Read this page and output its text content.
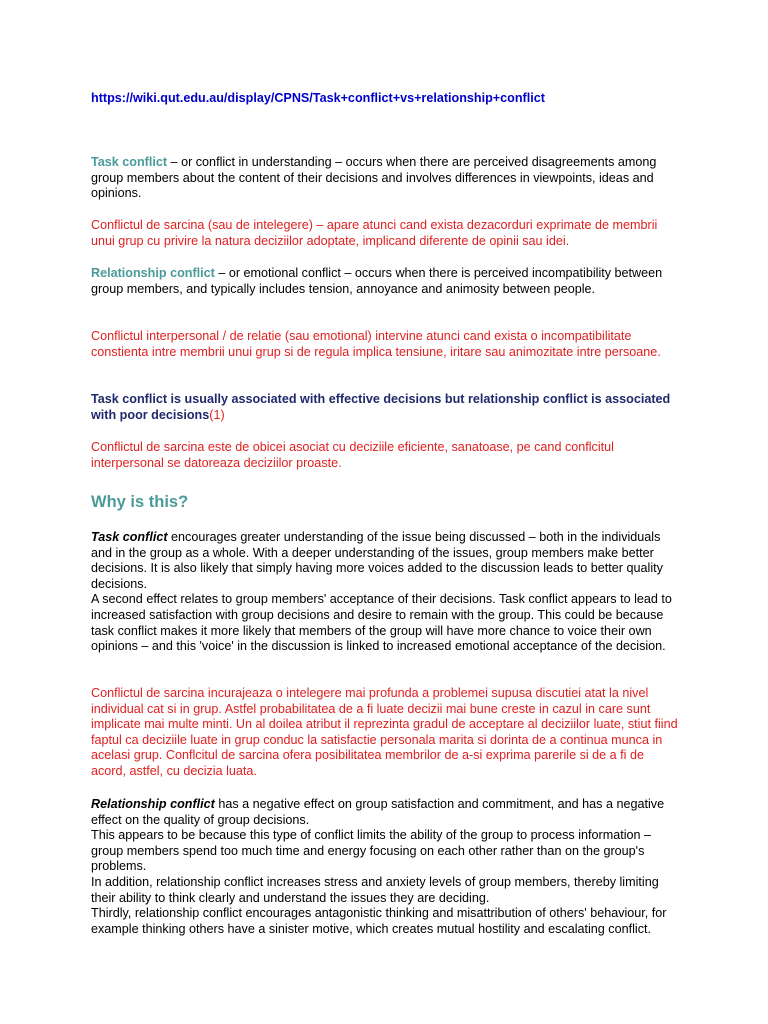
https://wiki.qut.edu.au/display/CPNS/Task+conflict+vs+relationship+conflict
Task conflict – or conflict in understanding – occurs when there are perceived disagreements among group members about the content of their decisions and involves differences in viewpoints, ideas and opinions.
Conflictul de sarcina (sau de intelegere) – apare atunci cand exista dezacorduri exprimate de membrii unui grup cu privire la natura deciziilor adoptate, implicand diferente de opinii sau idei.
Relationship conflict – or emotional conflict – occurs when there is perceived incompatibility between group members, and typically includes tension, annoyance and animosity between people.
Conflictul interpersonal / de relatie (sau emotional) intervine atunci cand exista o incompatibilitate constienta intre membrii unui grup si de regula implica tensiune, iritare sau animozitate intre persoane.
Task conflict is usually associated with effective decisions but relationship conflict is associated with poor decisions(1)
Conflictul de sarcina este de obicei asociat cu deciziile eficiente, sanatoase, pe cand conflcitul interpersonal se datoreaza deciziilor proaste.
Why is this?

Task conflict encourages greater understanding of the issue being discussed – both in the individuals and in the group as a whole. With a deeper understanding of the issues, group members make better decisions. It is also likely that simply having more voices added to the discussion leads to better quality decisions.

A second effect relates to group members' acceptance of their decisions. Task conflict appears to lead to increased satisfaction with group decisions and desire to remain with the group. This could be because task conflict makes it more likely that members of the group will have more chance to voice their own opinions – and this 'voice' in the discussion is linked to increased emotional acceptance of the decision.

Conflictul de sarcina incurajeaza o intelegere mai profunda a problemei supusa discutiei atat la nivel individual cat si in grup. Astfel probabilitatea de a fi luate decizii mai bune creste in cazul in care sunt implicate mai multe minti. Un al doilea atribut il reprezinta gradul de acceptare al deciziilor luate, stiut fiind faptul ca deciziile luate in grup conduc la satisfactie personala marita si dorinta de a continua munca in acelasi grup. Conflcitul de sarcina ofera posibilitatea membrilor de a-si exprima parerile si de a fi de acord, astfel, cu decizia luata.

Relationship conflict has a negative effect on group satisfaction and commitment, and has a negative effect on the quality of group decisions.

This appears to be because this type of conflict limits the ability of the group to process information – group members spend too much time and energy focusing on each other rather than on the group's problems.

In addition, relationship conflict increases stress and anxiety levels of group members, thereby limiting their ability to think clearly and understand the issues they are deciding.

Thirdly, relationship conflict encourages antagonistic thinking and misattribution of others' behaviour, for example thinking others have a sinister motive, which creates mutual hostility and escalating conflict.
